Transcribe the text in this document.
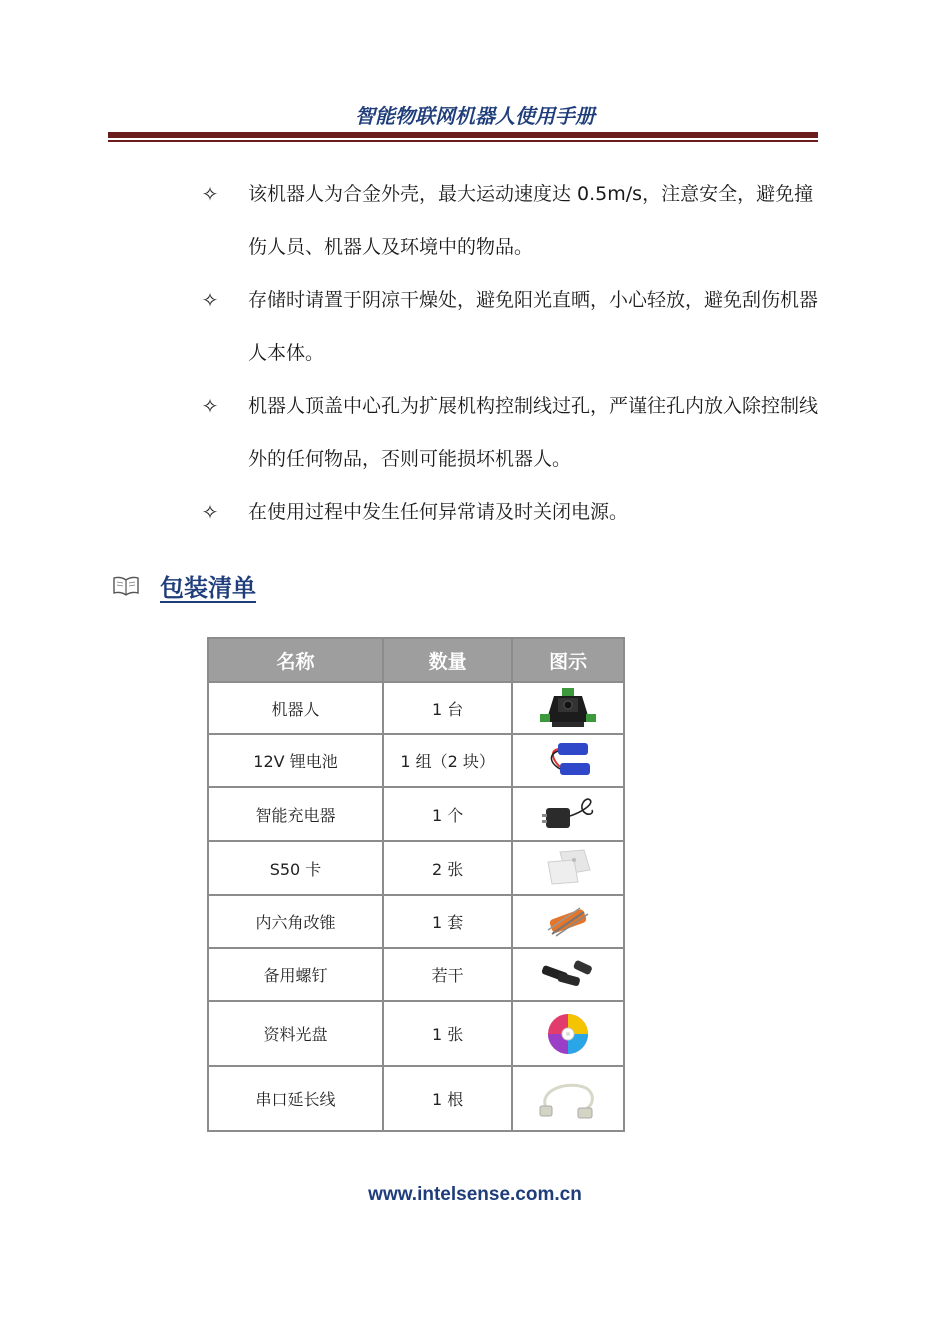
智能物联网机器人使用手册
✧ 该机器人为合金外壳，最大运动速度达 0.5m/s，注意安全，避免撞伤人员、机器人及环境中的物品。
✧ 存储时请置于阴凉干燥处，避免阳光直晒，小心轻放，避免刮伤机器人本体。
✧ 机器人顶盖中心孔为扩展机构控制线过孔，严谨往孔内放入除控制线外的任何物品，否则可能损坏机器人。
✧ 在使用过程中发生任何异常请及时关闭电源。
包装清单
名称	数量	图示
机器人	1 台	

12V 锂电池	1 组（2 块）	

智能充电器	1 个	

S50 卡	2 张	

内六角改锥	1 套	

备用螺钉	若干	

资料光盘	1 张	

串口延长线	1 根	
www.intelsense.com.cn
